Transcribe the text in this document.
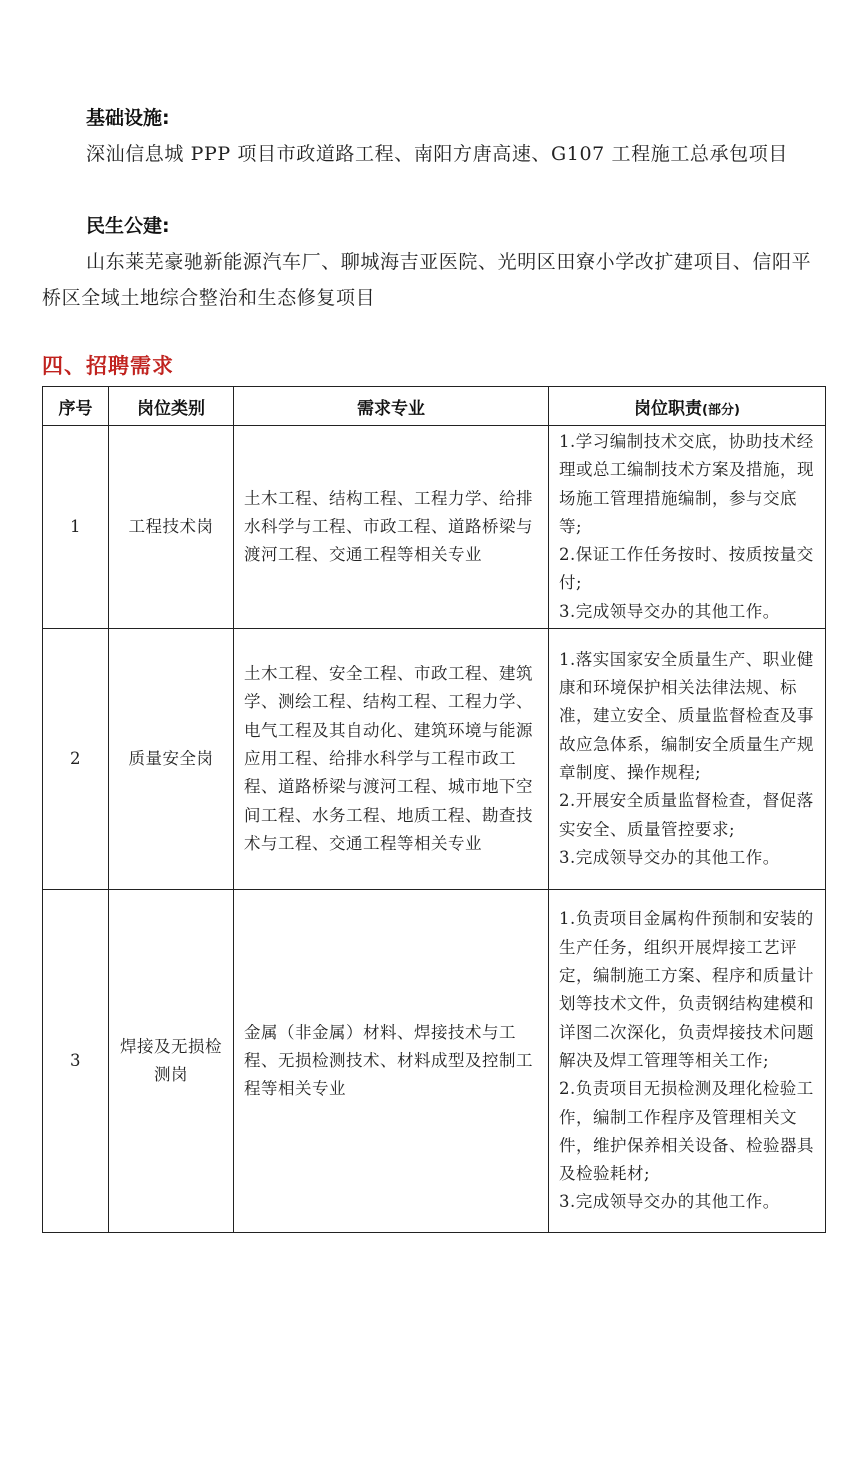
基础设施:
深汕信息城 PPP 项目市政道路工程、南阳方唐高速、G107 工程施工总承包项目
民生公建:
山东莱芜豪驰新能源汽车厂、聊城海吉亚医院、光明区田寮小学改扩建项目、信阳平桥区全域土地综合整治和生态修复项目
四、招聘需求
序号	岗位类别	需求专业	岗位职责(部分)
1	工程技术岗	土木工程、结构工程、工程力学、给排水科学与工程、市政工程、道路桥梁与渡河工程、交通工程等相关专业	1.学习编制技术交底，协助技术经理或总工编制技术方案及措施，现场施工管理措施编制，参与交底等;
2.保证工作任务按时、按质按量交付;
3.完成领导交办的其他工作。

2	质量安全岗	土木工程、安全工程、市政工程、建筑学、测绘工程、结构工程、工程力学、电气工程及其自动化、建筑环境与能源应用工程、给排水科学与工程市政工程、道路桥梁与渡河工程、城市地下空间工程、水务工程、地质工程、勘查技术与工程、交通工程等相关专业	1.落实国家安全质量生产、职业健康和环境保护相关法律法规、标准，建立安全、质量监督检查及事故应急体系，编制安全质量生产规章制度、操作规程;
2.开展安全质量监督检查，督促落实安全、质量管控要求;
3.完成领导交办的其他工作。

3	焊接及无损检测岗	金属（非金属）材料、焊接技术与工程、无损检测技术、材料成型及控制工程等相关专业	1.负责项目金属构件预制和安装的生产任务，组织开展焊接工艺评定，编制施工方案、程序和质量计划等技术文件，负责钢结构建模和详图二次深化，负责焊接技术问题解决及焊工管理等相关工作;
2.负责项目无损检测及理化检验工作，编制工作程序及管理相关文件，维护保养相关设备、检验器具及检验耗材;
3.完成领导交办的其他工作。
